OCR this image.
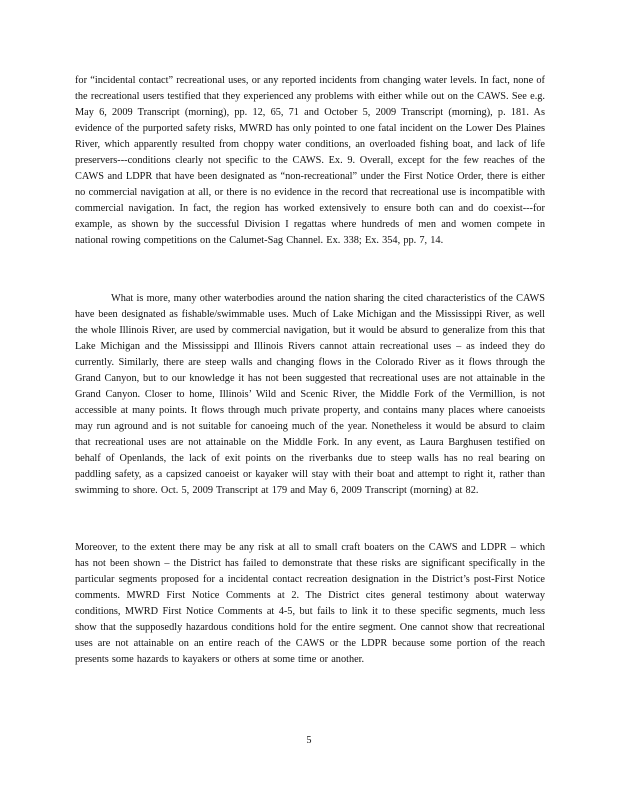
for “incidental contact” recreational uses, or any reported incidents from changing water levels. In fact, none of the recreational users testified that they experienced any problems with either while out on the CAWS. See e.g. May 6, 2009 Transcript (morning), pp. 12, 65, 71 and October 5, 2009 Transcript (morning), p. 181. As evidence of the purported safety risks, MWRD has only pointed to one fatal incident on the Lower Des Plaines River, which apparently resulted from choppy water conditions, an overloaded fishing boat, and lack of life preservers---conditions clearly not specific to the CAWS. Ex. 9. Overall, except for the few reaches of the CAWS and LDPR that have been designated as “non-recreational” under the First Notice Order, there is either no commercial navigation at all, or there is no evidence in the record that recreational use is incompatible with commercial navigation. In fact, the region has worked extensively to ensure both can and do coexist---for example, as shown by the successful Division I regattas where hundreds of men and women compete in national rowing competitions on the Calumet-Sag Channel. Ex. 338; Ex. 354, pp. 7, 14.

What is more, many other waterbodies around the nation sharing the cited characteristics of the CAWS have been designated as fishable/swimmable uses. Much of Lake Michigan and the Mississippi River, as well the whole Illinois River, are used by commercial navigation, but it would be absurd to generalize from this that Lake Michigan and the Mississippi and Illinois Rivers cannot attain recreational uses – as indeed they do currently. Similarly, there are steep walls and changing flows in the Colorado River as it flows through the Grand Canyon, but to our knowledge it has not been suggested that recreational uses are not attainable in the Grand Canyon. Closer to home, Illinois’ Wild and Scenic River, the Middle Fork of the Vermillion, is not accessible at many points. It flows through much private property, and contains many places where canoeists may run aground and is not suitable for canoeing much of the year. Nonetheless it would be absurd to claim that recreational uses are not attainable on the Middle Fork. In any event, as Laura Barghusen testified on behalf of Openlands, the lack of exit points on the riverbanks due to steep walls has no real bearing on paddling safety, as a capsized canoeist or kayaker will stay with their boat and attempt to right it, rather than swimming to shore. Oct. 5, 2009 Transcript at 179 and May 6, 2009 Transcript (morning) at 82.

Moreover, to the extent there may be any risk at all to small craft boaters on the CAWS and LDPR – which has not been shown – the District has failed to demonstrate that these risks are significant specifically in the particular segments proposed for a incidental contact recreation designation in the District’s post-First Notice comments. MWRD First Notice Comments at 2. The District cites general testimony about waterway conditions, MWRD First Notice Comments at 4-5, but fails to link it to these specific segments, much less show that the supposedly hazardous conditions hold for the entire segment. One cannot show that recreational uses are not attainable on an entire reach of the CAWS or the LDPR because some portion of the reach presents some hazards to kayakers or others at some time or another.

5
